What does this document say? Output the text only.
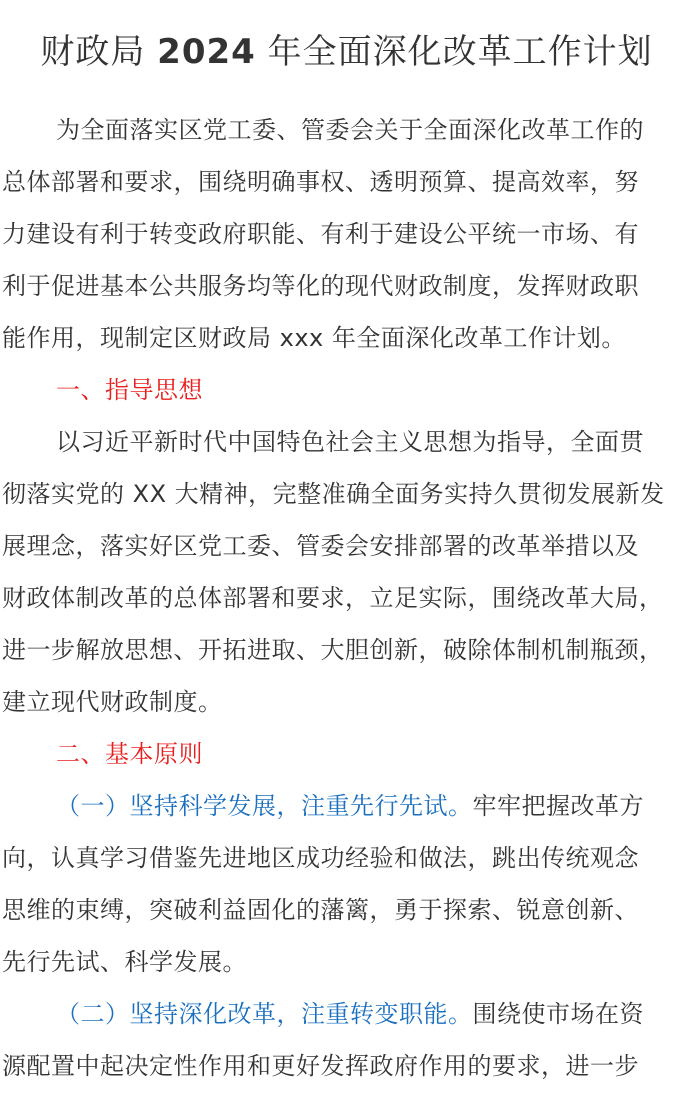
财政局 2024 年全面深化改革工作计划
为全面落实区党工委、管委会关于全面深化改革工作的
总体部署和要求，围绕明确事权、透明预算、提高效率，努
力建设有利于转变政府职能、有利于建设公平统一市场、有
利于促进基本公共服务均等化的现代财政制度，发挥财政职
能作用，现制定区财政局 xxx 年全面深化改革工作计划。
一、指导思想
以习近平新时代中国特色社会主义思想为指导，全面贯
彻落实党的 XX 大精神，完整准确全面务实持久贯彻发展新发
展理念，落实好区党工委、管委会安排部署的改革举措以及
财政体制改革的总体部署和要求，立足实际，围绕改革大局，
进一步解放思想、开拓进取、大胆创新，破除体制机制瓶颈，
建立现代财政制度。
二、基本原则
（一）坚持科学发展，注重先行先试。牢牢把握改革方
向，认真学习借鉴先进地区成功经验和做法，跳出传统观念
思维的束缚，突破利益固化的藩篱，勇于探索、锐意创新、
先行先试、科学发展。
（二）坚持深化改革，注重转变职能。围绕使市场在资
源配置中起决定性作用和更好发挥政府作用的要求，进一步
